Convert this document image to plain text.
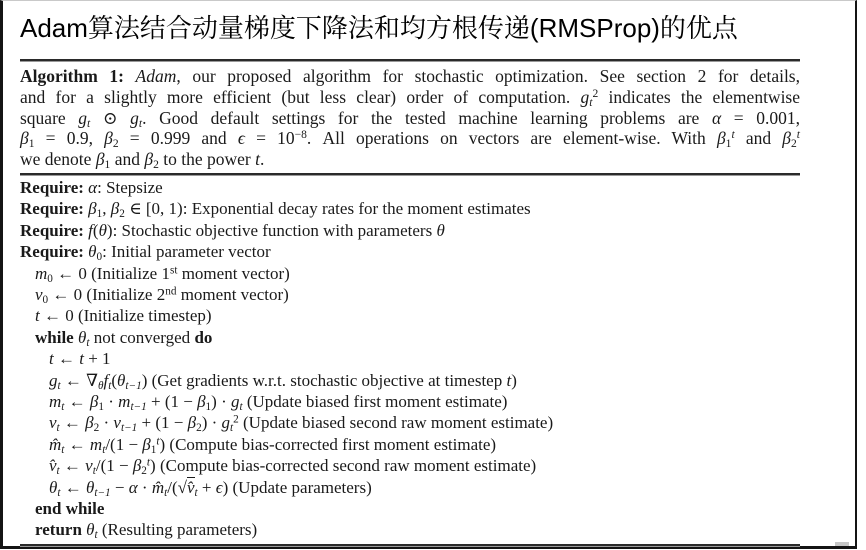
Adam算法结合动量梯度下降法和均方根传递(RMSProp)的优点
Algorithm 1: Adam, our proposed algorithm for stochastic optimization. See section 2 for details,
and for a slightly more efficient (but less clear) order of computation. $g_t^2$ indicates the elementwise
square $g_t$ ⊙ $g_t$. Good default settings for the tested machine learning problems are α = 0.001,
$\beta_1 = 0.9$, $\beta_2 = 0.999$ and $\epsilon = 10^{-8}$. All operations on vectors are element-wise. With $\beta_1^t$ and $\beta_2^t$
we denote $\beta_1$ and $\beta_2$ to the power t.
Require: α: Stepsize
Require: $\beta_1$, $\beta_2$ ∈ [0, 1): Exponential decay rates for the moment estimates
Require: f(θ): Stochastic objective function with parameters θ
Require: $\theta_0$: Initial parameter vector
$m_0$ ← 0 (Initialize 1st moment vector)
$v_0$ ← 0 (Initialize 2nd moment vector)
t ← 0 (Initialize timestep)
while $\theta_t$ not converged do
t ← t + 1
$g_t$ ← $\nabla_\theta f_t(\theta_{t-1})$ (Get gradients w.r.t. stochastic objective at timestep t)
$m_t$ ← $\beta_1 \cdot m_{t-1} + (1 - \beta_1) \cdot g_t$ (Update biased first moment estimate)
$v_t$ ← $\beta_2 \cdot v_{t-1} + (1 - \beta_2) \cdot g_t^2$ (Update biased second raw moment estimate)
$m̂_t$ ← $m_t/(1 - \beta_1^t)$ (Compute bias-corrected first moment estimate)
$v̂_t$ ← $v_t/(1 - \beta_2^t)$ (Compute bias-corrected second raw moment estimate)
$\theta_t$ ← $\theta_{t-1} - \alpha$ · $m̂_t/(√v̂_t + \epsilon)$ (Update parameters)
end while
return $\theta_t$ (Resulting parameters)
